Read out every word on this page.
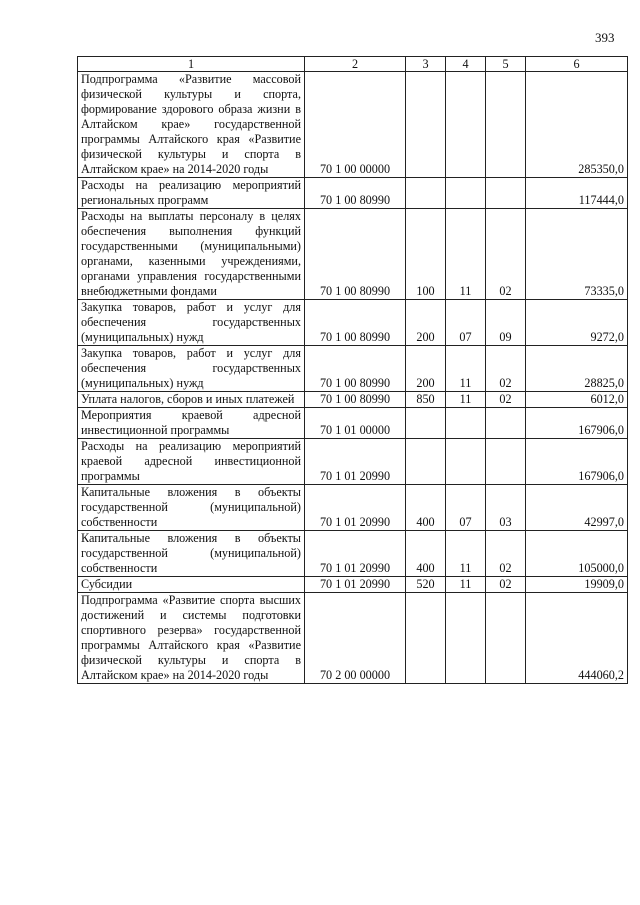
393
1	2	3	4	5	6
Подпрограмма «Развитие массовой физической культуры и спорта, формирование здорового образа жизни в Алтайском крае» государственной программы Алтайского края «Развитие физической культуры и спорта в Алтайском крае» на 2014-2020 годы	70 1 00 00000				285350,0
Расходы на реализацию мероприятий региональных программ	70 1 00 80990				117444,0
Расходы на выплаты персоналу в целях обеспечения выполнения функций государственными (муниципальными) органами, казенными учреждениями, органами управления государственными внебюджетными фондами	70 1 00 80990	100	11	02	73335,0
Закупка товаров, работ и услуг для обеспечения государственных (муниципальных) нужд	70 1 00 80990	200	07	09	9272,0
Закупка товаров, работ и услуг для обеспечения государственных (муниципальных) нужд	70 1 00 80990	200	11	02	28825,0
Уплата налогов, сборов и иных платежей	70 1 00 80990	850	11	02	6012,0
Мероприятия краевой адресной инвестиционной программы	70 1 01 00000				167906,0
Расходы на реализацию мероприятий краевой адресной инвестиционной программы	70 1 01 20990				167906,0
Капитальные вложения в объекты государственной (муниципальной) собственности	70 1 01 20990	400	07	03	42997,0
Капитальные вложения в объекты государственной (муниципальной) собственности	70 1 01 20990	400	11	02	105000,0
Субсидии	70 1 01 20990	520	11	02	19909,0
Подпрограмма «Развитие спорта высших достижений и системы подготовки спортивного резерва» государственной программы Алтайского края «Развитие физической культуры и спорта в Алтайском крае» на 2014-2020 годы	70 2 00 00000				444060,2
